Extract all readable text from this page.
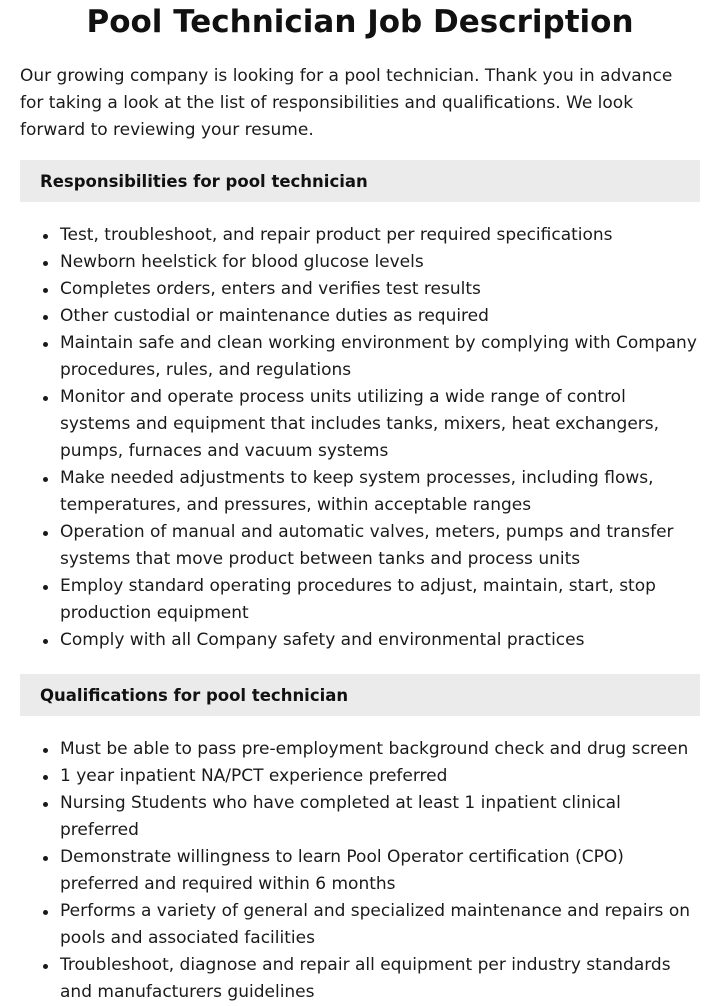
Pool Technician Job Description

Our growing company is looking for a pool technician. Thank you in advance for taking a look at the list of responsibilities and qualifications. We look forward to reviewing your resume.

Responsibilities for pool technician
Test, troubleshoot, and repair product per required specifications
Newborn heelstick for blood glucose levels
Completes orders, enters and verifies test results
Other custodial or maintenance duties as required
Maintain safe and clean working environment by complying with Company procedures, rules, and regulations
Monitor and operate process units utilizing a wide range of control systems and equipment that includes tanks, mixers, heat exchangers, pumps, furnaces and vacuum systems
Make needed adjustments to keep system processes, including flows, temperatures, and pressures, within acceptable ranges
Operation of manual and automatic valves, meters, pumps and transfer systems that move product between tanks and process units
Employ standard operating procedures to adjust, maintain, start, stop production equipment
Comply with all Company safety and environmental practices
Qualifications for pool technician
Must be able to pass pre-employment background check and drug screen
1 year inpatient NA/PCT experience preferred
Nursing Students who have completed at least 1 inpatient clinical preferred
Demonstrate willingness to learn Pool Operator certification (CPO) preferred and required within 6 months
Performs a variety of general and specialized maintenance and repairs on pools and associated facilities
Troubleshoot, diagnose and repair all equipment per industry standards and manufacturers guidelines
